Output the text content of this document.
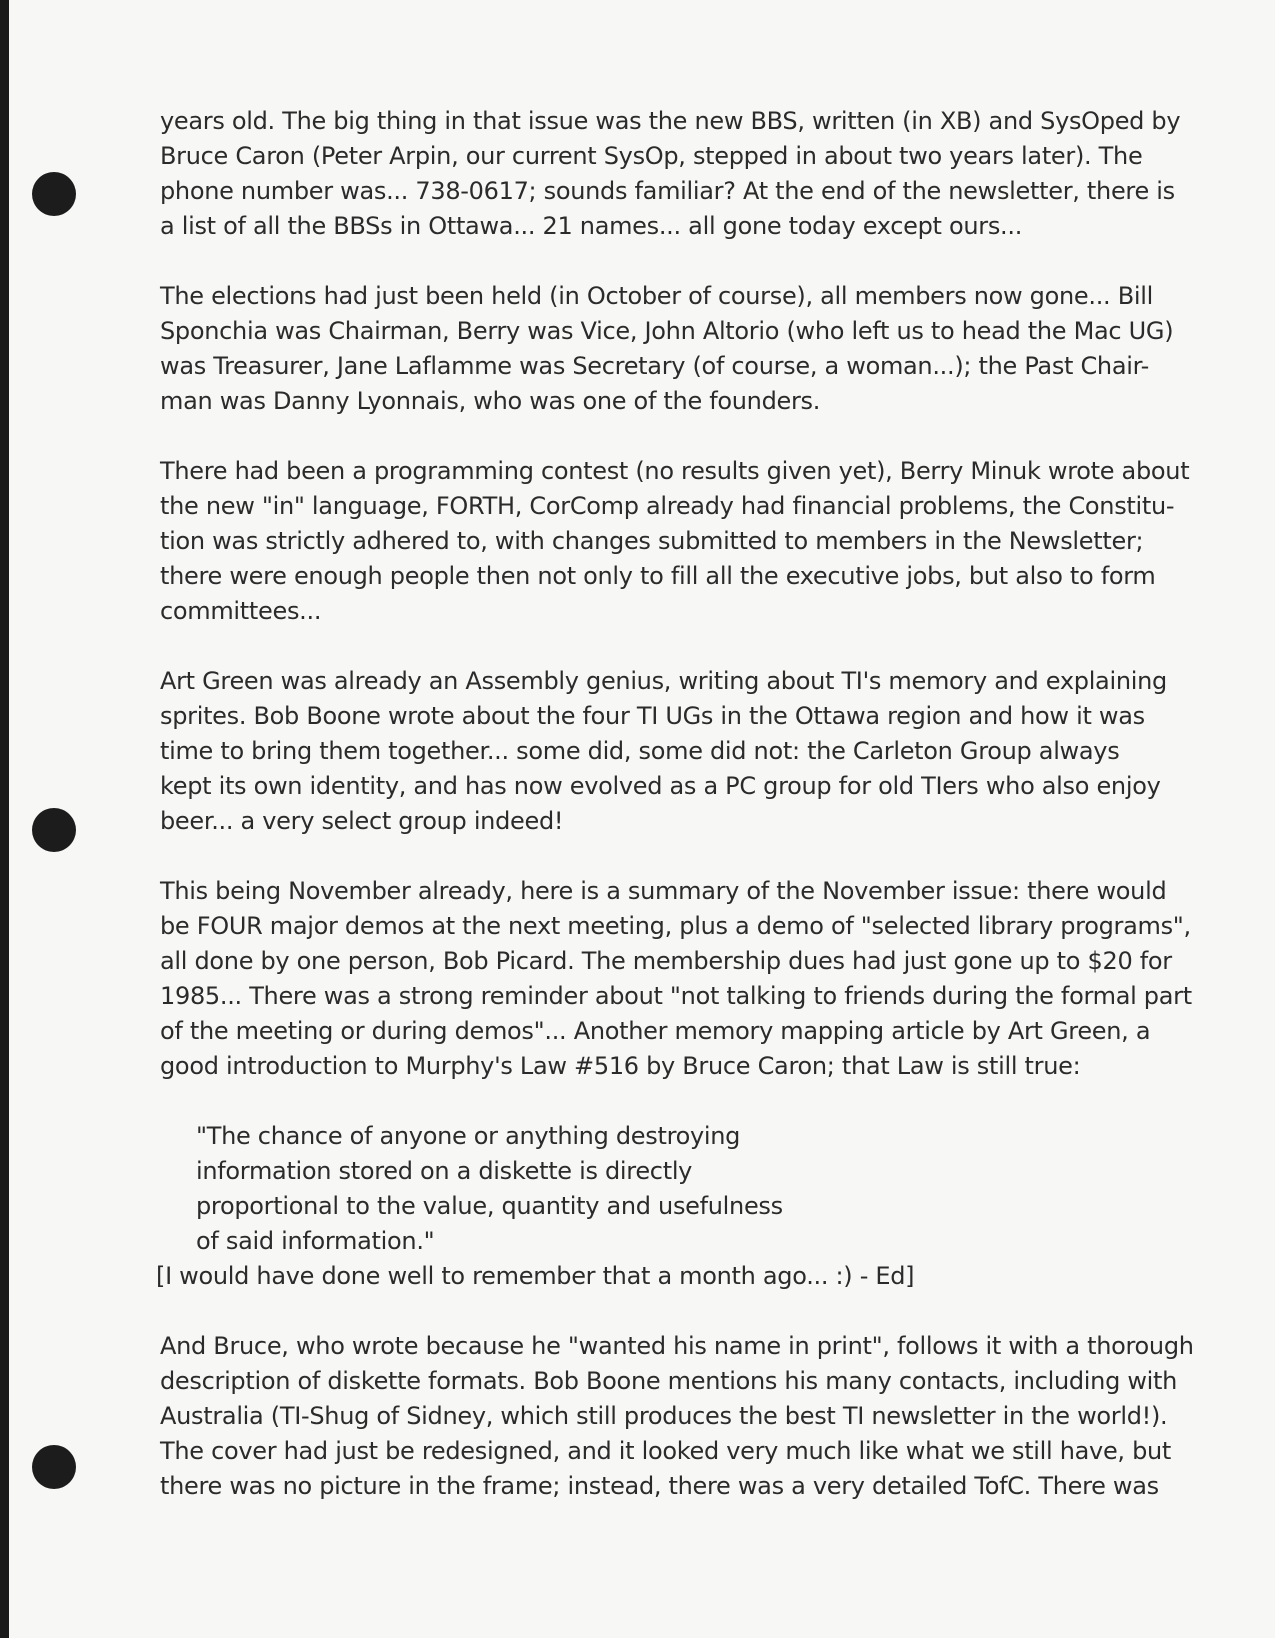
years old. The big thing in that issue was the new BBS, written (in XB) and SysOped by
Bruce Caron (Peter Arpin, our current SysOp, stepped in about two years later). The
phone number was... 738-0617; sounds familiar? At the end of the newsletter, there is
a list of all the BBSs in Ottawa... 21 names... all gone today except ours...

The elections had just been held (in October of course), all members now gone... Bill
Sponchia was Chairman, Berry was Vice, John Altorio (who left us to head the Mac UG)
was Treasurer, Jane Laflamme was Secretary (of course, a woman...); the Past Chair-
man was Danny Lyonnais, who was one of the founders.

There had been a programming contest (no results given yet), Berry Minuk wrote about
the new "in" language, FORTH, CorComp already had financial problems, the Constitu-
tion was strictly adhered to, with changes submitted to members in the Newsletter;
there were enough people then not only to fill all the executive jobs, but also to form
committees...

Art Green was already an Assembly genius, writing about TI's memory and explaining
sprites. Bob Boone wrote about the four TI UGs in the Ottawa region and how it was
time to bring them together... some did, some did not: the Carleton Group always
kept its own identity, and has now evolved as a PC group for old TIers who also enjoy
beer... a very select group indeed!

This being November already, here is a summary of the November issue: there would
be FOUR major demos at the next meeting, plus a demo of "selected library programs",
all done by one person, Bob Picard. The membership dues had just gone up to $20 for
1985... There was a strong reminder about "not talking to friends during the formal part
of the meeting or during demos"... Another memory mapping article by Art Green, a
good introduction to Murphy's Law #516 by Bruce Caron; that Law is still true:

"The chance of anyone or anything destroying
information stored on a diskette is directly
proportional to the value, quantity and usefulness
of said information."

[I would have done well to remember that a month ago... :) - Ed]

And Bruce, who wrote because he "wanted his name in print", follows it with a thorough
description of diskette formats. Bob Boone mentions his many contacts, including with
Australia (TI-Shug of Sidney, which still produces the best TI newsletter in the world!).
The cover had just be redesigned, and it looked very much like what we still have, but
there was no picture in the frame; instead, there was a very detailed TofC. There was
